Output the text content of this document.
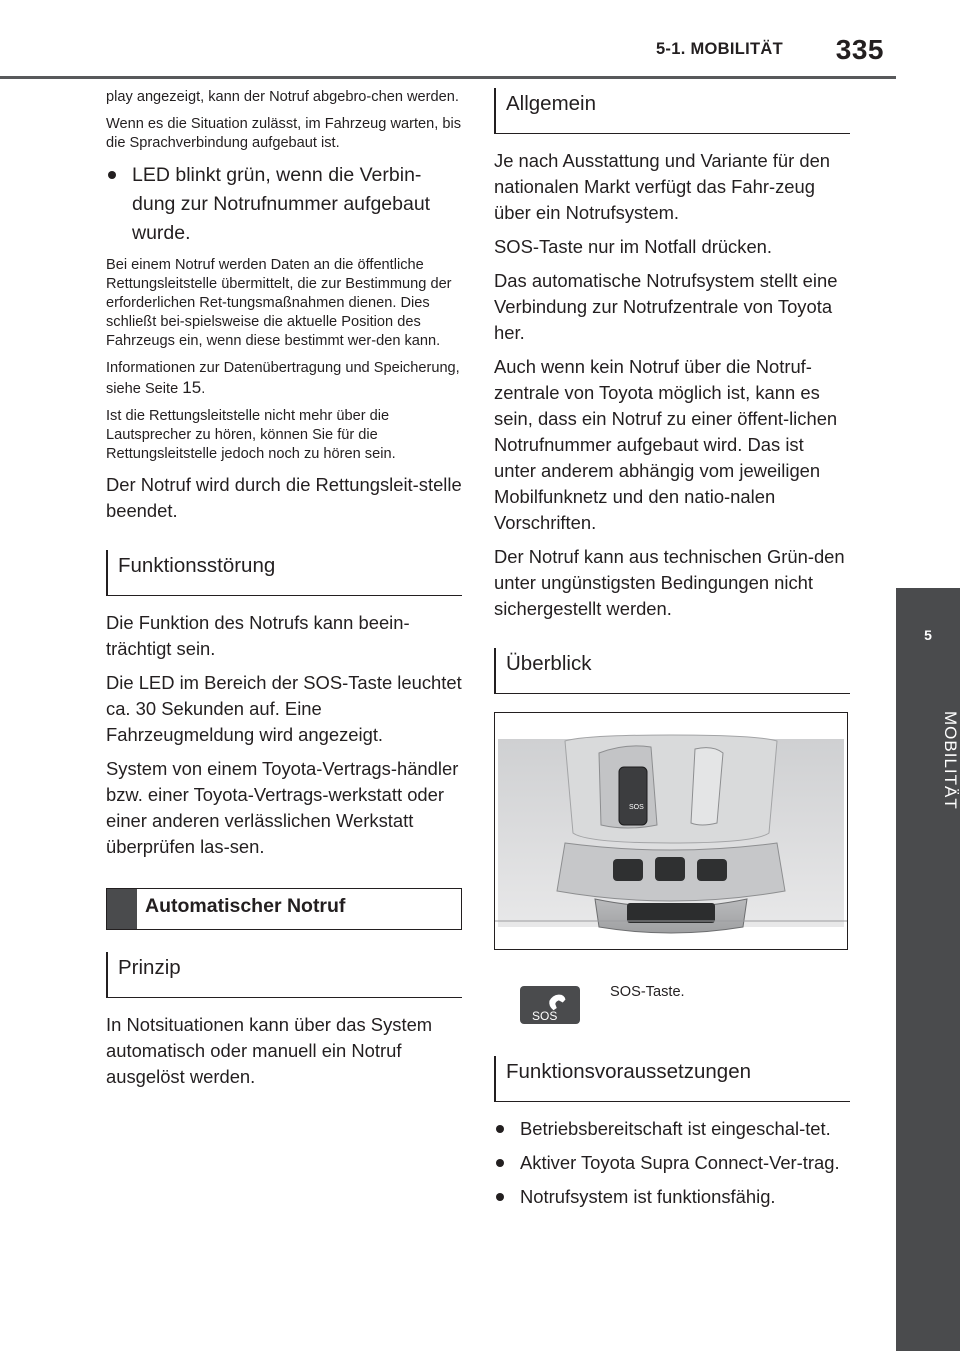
5-1. MOBILITÄT 335
5
MOBILITÄT

play angezeigt, kann der Notruf abgebro-chen werden.

Wenn es die Situation zulässt, im Fahrzeug warten, bis die Sprachverbindung aufgebaut ist.

LED blinkt grün, wenn die Verbin-dung zur Notrufnummer aufgebaut wurde.

Bei einem Notruf werden Daten an die öffentliche Rettungsleitstelle übermittelt, die zur Bestimmung der erforderlichen Ret-tungsmaßnahmen dienen. Dies schließt bei-spielsweise die aktuelle Position des Fahrzeugs ein, wenn diese bestimmt wer-den kann.

Informationen zur Datenübertragung und Speicherung, siehe Seite 15.

Ist die Rettungsleitstelle nicht mehr über die Lautsprecher zu hören, können Sie für die Rettungsleitstelle jedoch noch zu hören sein.

Der Notruf wird durch die Rettungsleit-stelle beendet.

Funktionsstörung

Die Funktion des Notrufs kann beein-trächtigt sein.

Die LED im Bereich der SOS-Taste leuchtet ca. 30 Sekunden auf. Eine Fahrzeugmeldung wird angezeigt.

System von einem Toyota-Vertrags-händler bzw. einer Toyota-Vertrags-werkstatt oder einer anderen verlässlichen Werkstatt überprüfen las-sen.

Automatischer Notruf
Prinzip

In Notsituationen kann über das System automatisch oder manuell ein Notruf ausgelöst werden.

Allgemein

Je nach Ausstattung und Variante für den nationalen Markt verfügt das Fahr-zeug über ein Notrufsystem.

SOS-Taste nur im Notfall drücken.

Das automatische Notrufsystem stellt eine Verbindung zur Notrufzentrale von Toyota her.

Auch wenn kein Notruf über die Notruf-zentrale von Toyota möglich ist, kann es sein, dass ein Notruf zu einer öffent-lichen Notrufnummer aufgebaut wird. Das ist unter anderem abhängig vom jeweiligen Mobilfunknetz und den natio-nalen Vorschriften.

Der Notruf kann aus technischen Grün-den unter ungünstigsten Bedingungen nicht sichergestellt werden.

Überblick
SOS
SOS
SOS-Taste.
Funktionsvoraussetzungen
Betriebsbereitschaft ist eingeschal-tet.
Aktiver Toyota Supra Connect-Ver-trag.
Notrufsystem ist funktionsfähig.
